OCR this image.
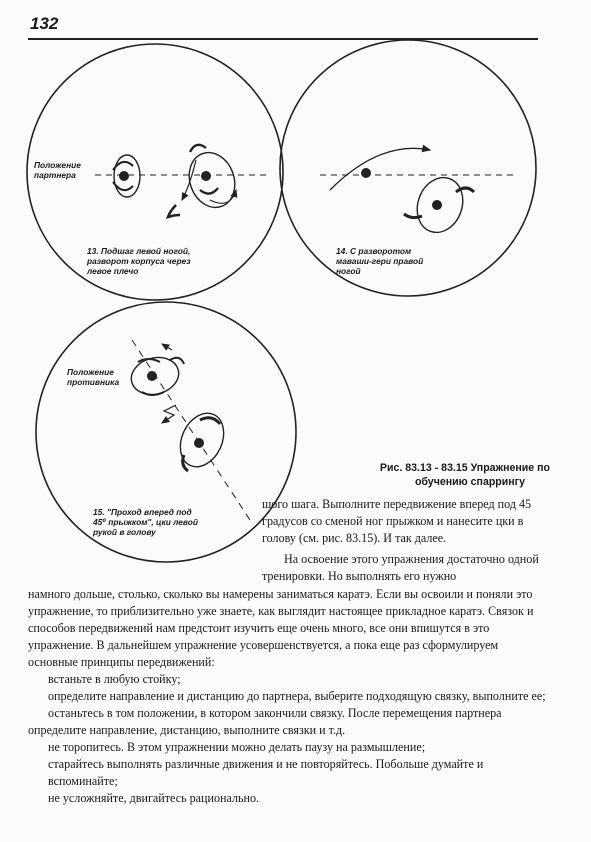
132
Положение
партнера
13. Подшаг левой ногой,
разворот корпуса через
левое плечо
14. С разворотом
маваши-гери правой
ногой
Положение
противника
15. "Проход вперед под
45⁰ прыжком", цки левой
рукой в голову
Рис. 83.13 - 83.15 Упражнение по
обучению спаррингу

шого шага. Выполните передвижение вперед под 45 градусов со сменой ног прыжком и нанесите цки в голову (см. рис. 83.15). И так далее.

На освоение этого упражнения достаточно одной тренировки. Но выполнять его нужно

намного дольше, столько, сколько вы намерены заниматься каратэ. Если вы освоили и поняли это упражнение, то приблизительно уже знаете, как выглядит настоящее прикладное каратэ. Связок и способов передвижений нам предстоит изучить еще очень много, все они впишутся в это упражнение. В дальнейшем упражнение усовершенствуется, а пока еще раз сформулируем основные принципы передвижений:

встаньте в любую стойку;

определите направление и дистанцию до партнера, выберите подходящую связку, выполните ее;

останьтесь в том положении, в котором закончили связку. После перемещения партнера

определите направление, дистанцию, выполните связки и т.д.

не торопитесь. В этом упражнении можно делать паузу на размышление;

старайтесь выполнять различные движения и не повторяйтесь. Побольше думайте и вспоминайте;

не усложняйте, двигайтесь рационально.
